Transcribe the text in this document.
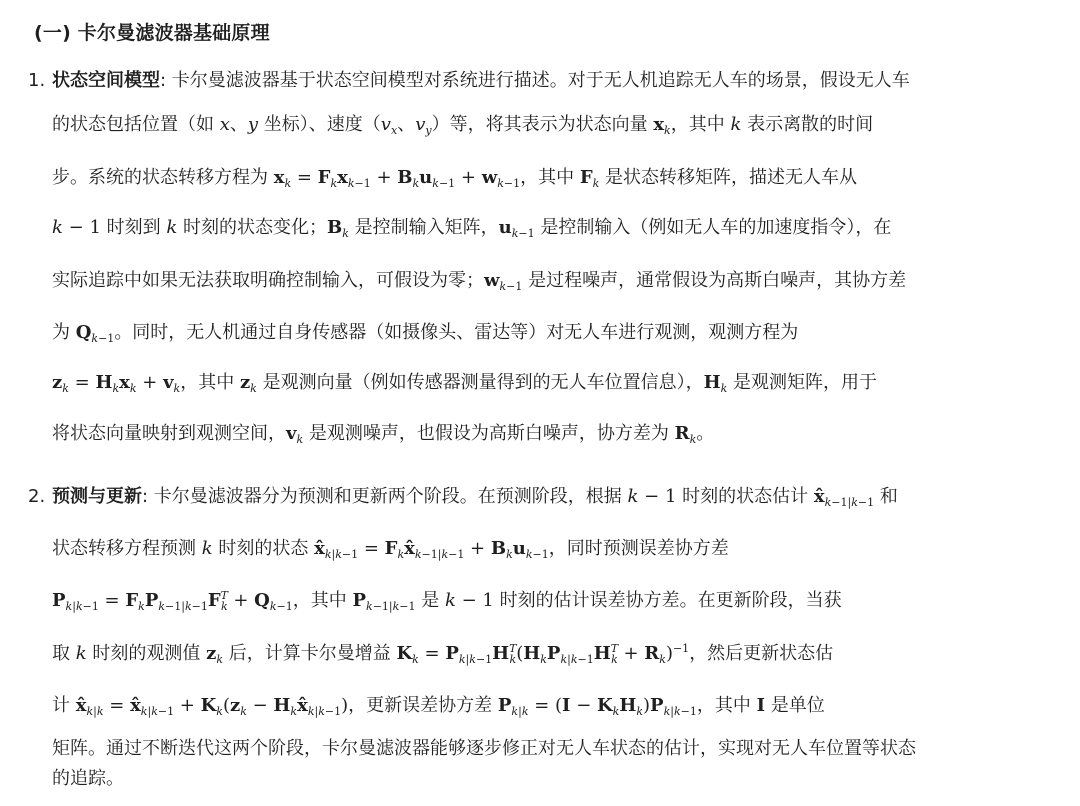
(一) 卡尔曼滤波器基础原理
1.
2.
状态空间模型: 卡尔曼滤波器基于状态空间模型对系统进行描述。对于无人机追踪无人车的场景，假设无人车
的状态包括位置（如 x、y 坐标）、速度（$v_x$、$v_y$）等，将其表示为状态向量 $x_k$，其中 k 表示离散的时间
步。系统的状态转移方程为 $x_k = F_kx_{k-1} + B_ku_{k-1} + w_{k-1}$，其中 $F_k$ 是状态转移矩阵，描述无人车从
k − 1 时刻到 k 时刻的状态变化；$B_k$ 是控制输入矩阵，$u_{k-1}$ 是控制输入（例如无人车的加速度指令），在
实际追踪中如果无法获取明确控制输入，可假设为零；$w_{k-1}$ 是过程噪声，通常假设为高斯白噪声，其协方差
为 $Q_{k-1}$。同时，无人机通过自身传感器（如摄像头、雷达等）对无人车进行观测，观测方程为
$z_k = H_kx_k + v_k$，其中 $z_k$ 是观测向量（例如传感器测量得到的无人车位置信息），$H_k$ 是观测矩阵，用于
将状态向量映射到观测空间，$v_k$ 是观测噪声，也假设为高斯白噪声，协方差为 $R_k$。
预测与更新: 卡尔曼滤波器分为预测和更新两个阶段。在预测阶段，根据 k − 1 时刻的状态估计 $x̂_{k-1|k-1}$ 和
状态转移方程预测 k 时刻的状态 $x̂_{k|k-1}$ = $F_kx̂_{k-1|k-1} + B_ku_{k-1}$，同时预测误差协方差
$P_{k|k-1} = F_kP_{k-1|k-1}F^T_k + Q_{k-1}$，其中 $P_{k-1|k-1}$ 是 k − 1 时刻的估计误差协方差。在更新阶段，当获
取 k 时刻的观测值 $z_k$ 后，计算卡尔曼增益 $K_k = P_{k|k-1}H^T_k(H_kP_{k|k-1}H^T_k + R_k)^{-1}$，然后更新状态估
计 $x̂_{k|k}$ = $x̂_{k|k-1} + K_k(z_k$ − $H_kx̂_{k|k-1}$)，更新误差协方差 $P_{k|k} = (I - K_kH_k)P_{k|k-1}$，其中 I 是单位
矩阵。通过不断迭代这两个阶段，卡尔曼滤波器能够逐步修正对无人车状态的估计，实现对无人车位置等状态
的追踪。
